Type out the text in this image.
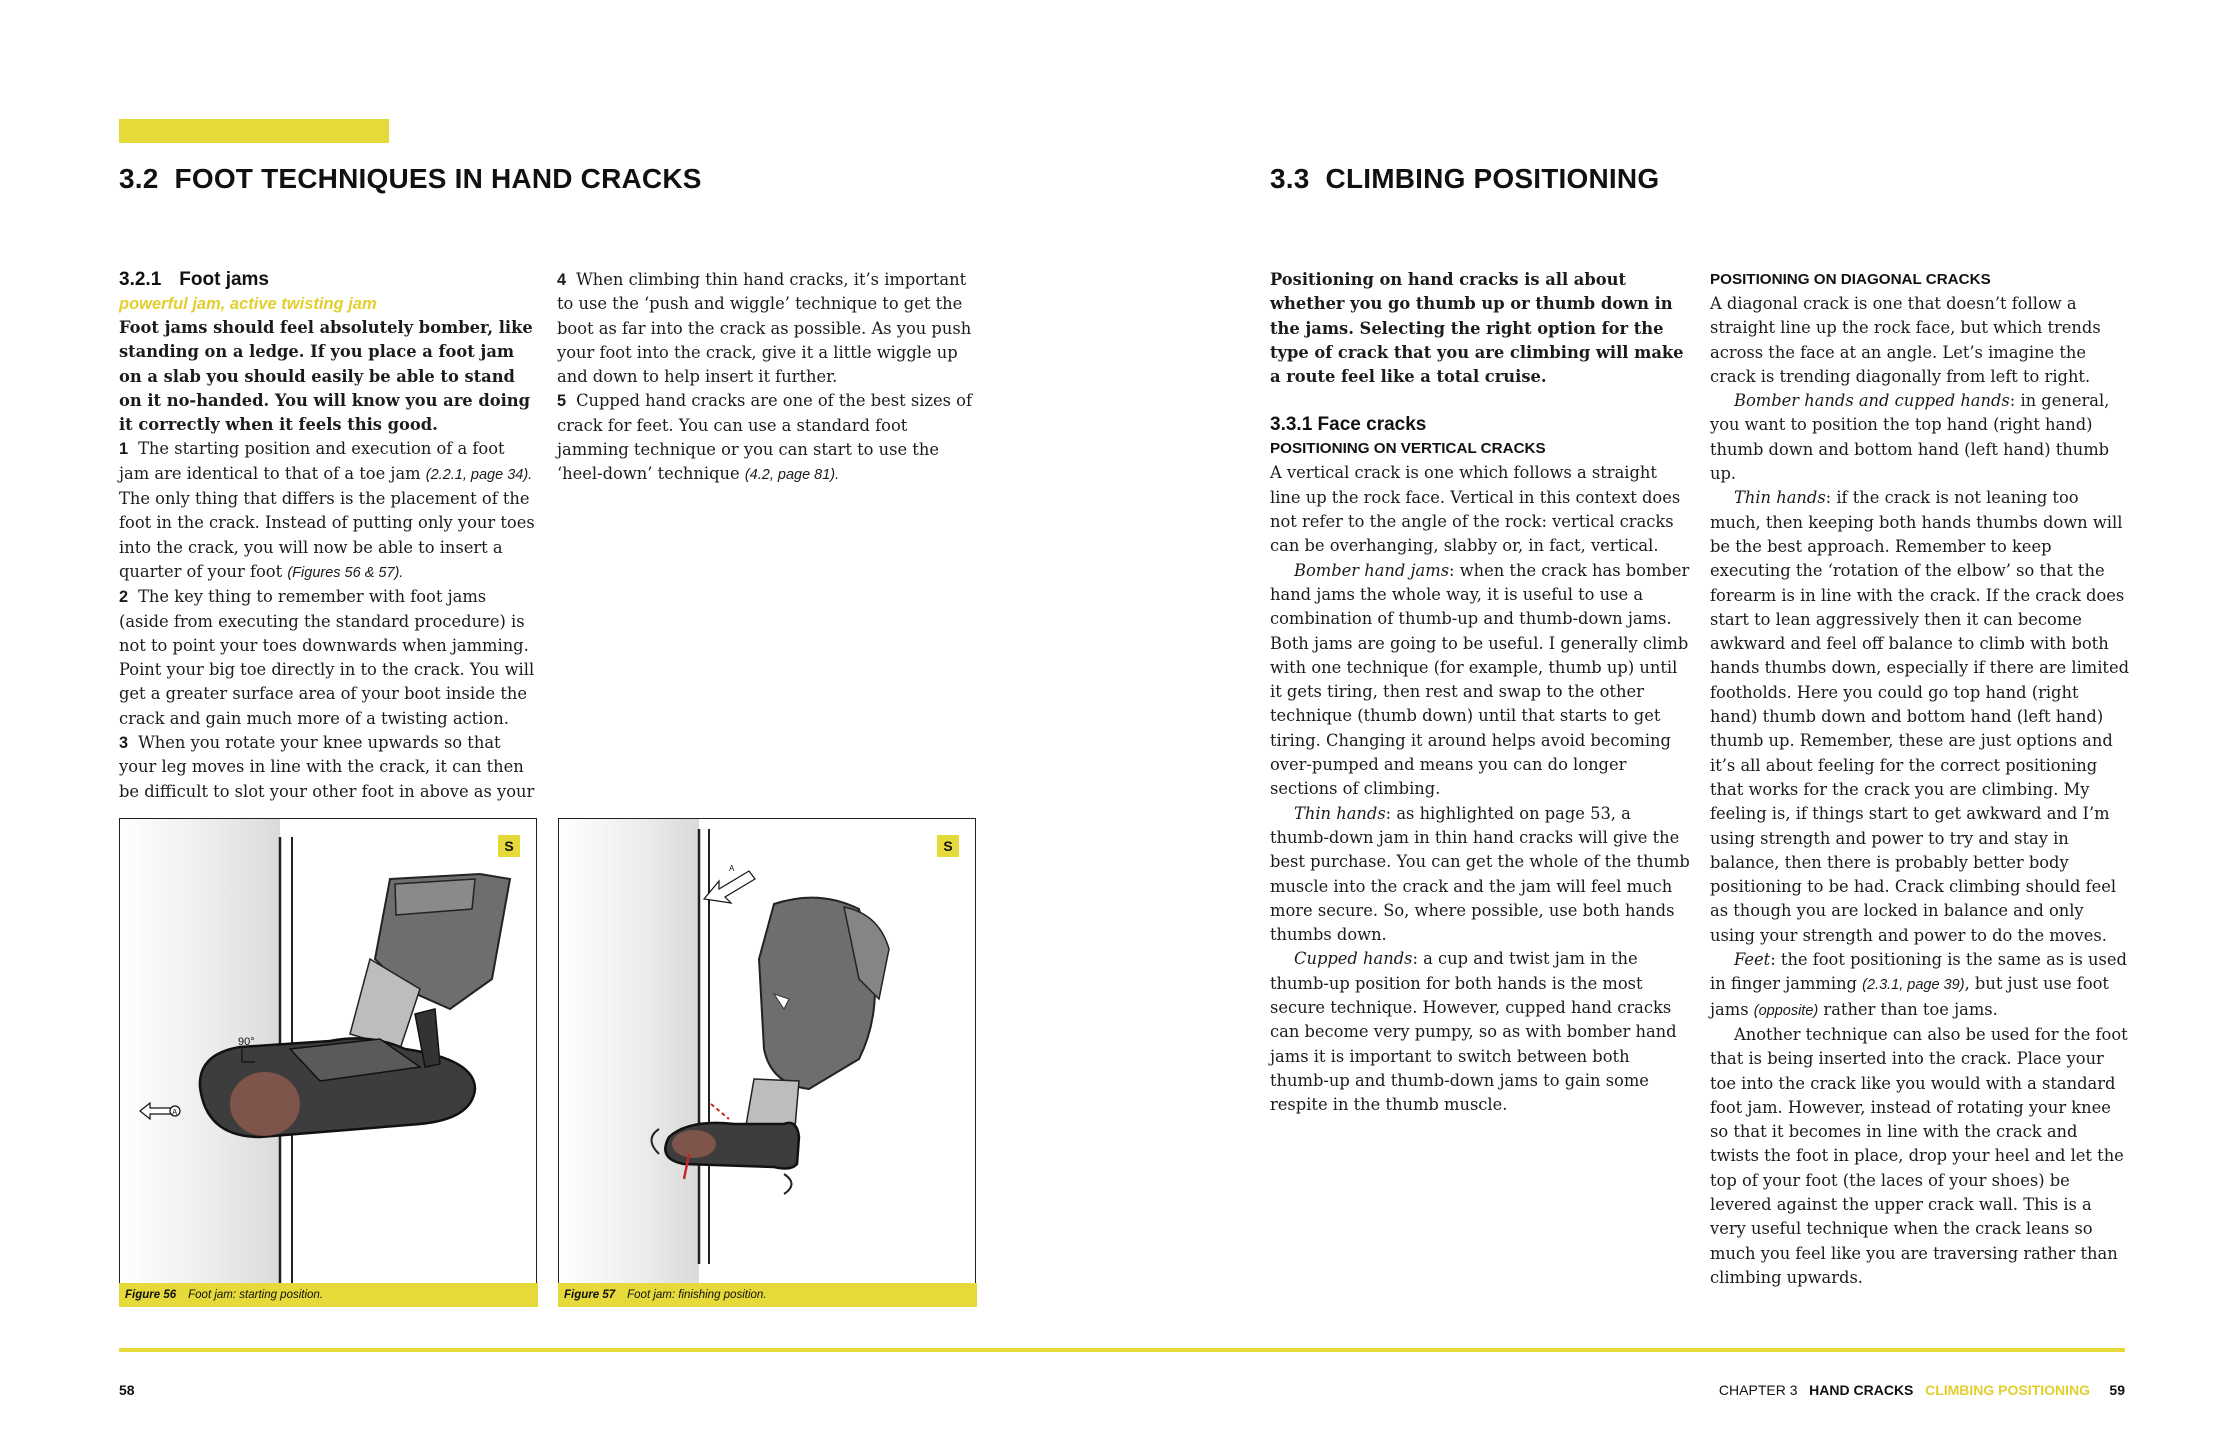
3.2 FOOT TECHNIQUES IN HAND CRACKS
3.2.1 Foot jams
powerful jam, active twisting jam

Foot jams should feel absolutely bomber, like standing on a ledge. If you place a foot jam on a slab you should easily be able to stand on it no-handed. You will know you are doing it correctly when it feels this good.

1 The starting position and execution of a foot jam are identical to that of a toe jam (2.2.1, page 34).

The only thing that differs is the placement of the foot in the crack. Instead of putting only your toes into the crack, you will now be able to insert a quarter of your foot (Figures 56 & 57).

2 The key thing to remember with foot jams (aside from executing the standard procedure) is not to point your toes downwards when jamming. Point your big toe directly in to the crack. You will get a greater surface area of your boot inside the crack and gain much more of a twisting action.

3 When you rotate your knee upwards so that your leg moves in line with the crack, it can then be difficult to slot your other foot in above as your

4 When climbing thin hand cracks, it’s important to use the ‘push and wiggle’ technique to get the boot as far into the crack as possible. As you push your foot into the crack, give it a little wiggle up and down to help insert it further.

5 Cupped hand cracks are one of the best sizes of crack for feet. You can use a standard foot jamming technique or you can start to use the ‘heel-down’ technique (4.2, page 81).

90°
A
S
Figure 56 Foot jam: starting position.
A
S
Figure 57 Foot jam: finishing position.
3.3 CLIMBING POSITIONING

Positioning on hand cracks is all about whether you go thumb up or thumb down in the jams. Selecting the right option for the type of crack that you are climbing will make a route feel like a total cruise.

3.3.1 Face cracks
POSITIONING ON VERTICAL CRACKS

A vertical crack is one which follows a straight line up the rock face. Vertical in this context does not refer to the angle of the rock: vertical cracks can be overhanging, slabby or, in fact, vertical.

Bomber hand jams: when the crack has bomber hand jams the whole way, it is useful to use a combination of thumb-up and thumb-down jams. Both jams are going to be useful. I generally climb with one technique (for example, thumb up) until it gets tiring, then rest and swap to the other technique (thumb down) until that starts to get tiring. Changing it around helps avoid becoming over-pumped and means you can do longer sections of climbing.

Thin hands: as highlighted on page 53, a thumb-down jam in thin hand cracks will give the best purchase. You can get the whole of the thumb muscle into the crack and the jam will feel much more secure. So, where possible, use both hands thumbs down.

Cupped hands: a cup and twist jam in the thumb-up position for both hands is the most secure technique. However, cupped hand cracks can become very pumpy, so as with bomber hand jams it is important to switch between both thumb-up and thumb-down jams to gain some respite in the thumb muscle.

POSITIONING ON DIAGONAL CRACKS

A diagonal crack is one that doesn’t follow a straight line up the rock face, but which trends across the face at an angle. Let’s imagine the crack is trending diagonally from left to right.

Bomber hands and cupped hands: in general, you want to position the top hand (right hand) thumb down and bottom hand (left hand) thumb up.

Thin hands: if the crack is not leaning too much, then keeping both hands thumbs down will be the best approach. Remember to keep executing the ‘rotation of the elbow’ so that the forearm is in line with the crack. If the crack does start to lean aggressively then it can become awkward and feel off balance to climb with both hands thumbs down, especially if there are limited footholds. Here you could go top hand (right hand) thumb down and bottom hand (left hand) thumb up. Remember, these are just options and it’s all about feeling for the correct positioning that works for the crack you are climbing. My feeling is, if things start to get awkward and I’m using strength and power to try and stay in balance, then there is probably better body positioning to be had. Crack climbing should feel as though you are locked in balance and only using your strength and power to do the moves.

Feet: the foot positioning is the same as is used in finger jamming (2.3.1, page 39), but just use foot jams (opposite) rather than toe jams.

Another technique can also be used for the foot that is being inserted into the crack. Place your toe into the crack like you would with a standard foot jam. However, instead of rotating your knee so that it becomes in line with the crack and twists the foot in place, drop your heel and let the top of your foot (the laces of your shoes) be levered against the upper crack wall. This is a very useful technique when the crack leans so much you feel like you are traversing rather than climbing upwards.

58	CHAPTER 3 HAND CRACKS CLIMBING POSITIONING 59
